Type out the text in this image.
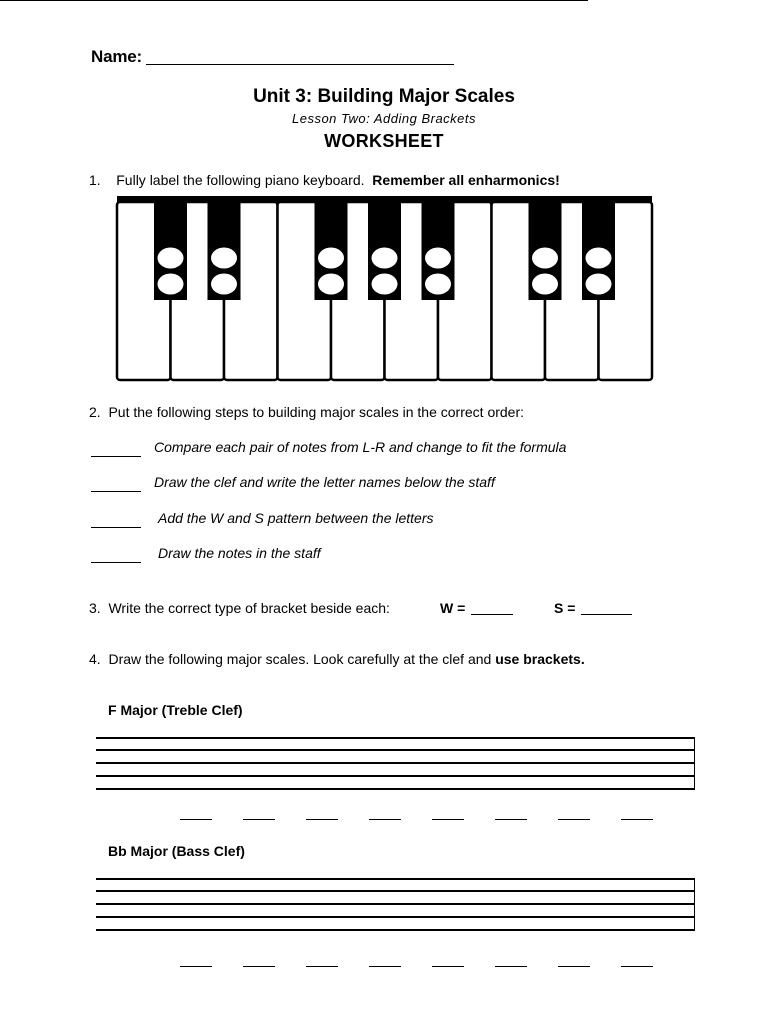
Name:
Unit 3: Building Major Scales
Lesson Two: Adding Brackets
WORKSHEET
1. Fully label the following piano keyboard. Remember all enharmonics!
2. Put the following steps to building major scales in the correct order:
Compare each pair of notes from L-R and change to fit the formula
Draw the clef and write the letter names below the staff
Add the W and S pattern between the letters
Draw the notes in the staff
3. Write the correct type of bracket beside each:	W =	S =
4. Draw the following major scales. Look carefully at the clef and use brackets.
F Major (Treble Clef)
Bb Major (Bass Clef)
